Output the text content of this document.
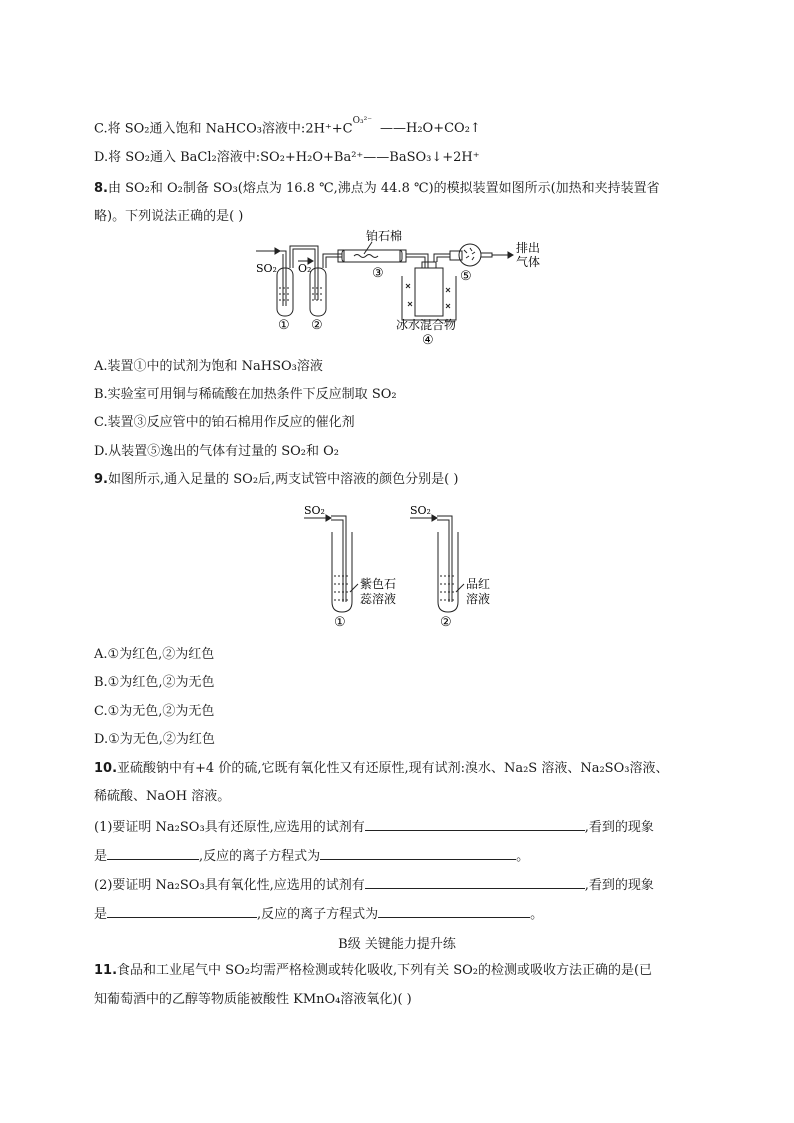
C.将 SO₂通入饱和 NaHCO₃溶液中$:2H^++C^{O_3^{2-}}——H_2O+CO_2↑$
D.将 SO₂通入 BaCl₂溶液中:SO₂+H₂O+Ba²⁺——BaSO₃↓+2H⁺
8.由 SO₂和 O₂制备 SO₃(熔点为 16.8 ℃,沸点为 44.8 ℃)的模拟装置如图所示(加热和夹持装置省
略)。下列说法正确的是( )
SO₂ O₂
铂石棉
排出
气体
冰水混合物
① ②
③
④
⑤
A.装置①中的试剂为饱和 NaHSO₃溶液
B.实验室可用铜与稀硫酸在加热条件下反应制取 SO₂
C.装置③反应管中的铂石棉用作反应的催化剂
D.从装置⑤逸出的气体有过量的 SO₂和 O₂
9.如图所示,通入足量的 SO₂后,两支试管中溶液的颜色分别是( )
SO₂	SO₂
紫色石
蕊溶液
品红
溶液
①	②
A.①为红色,②为红色
B.①为红色,②为无色
C.①为无色,②为无色
D.①为无色,②为红色
10.亚硫酸钠中有+4 价的硫,它既有氧化性又有还原性,现有试剂:溴水、Na₂S 溶液、Na₂SO₃溶液、
稀硫酸、NaOH 溶液。
(1)要证明 Na₂SO₃具有还原性,应选用的试剂有	,看到的现象
是	,反应的离子方程式为	。
(2)要证明 Na₂SO₃具有氧化性,应选用的试剂有	,看到的现象
是	,反应的离子方程式为	。
B级 关键能力提升练
11.食品和工业尾气中 SO₂均需严格检测或转化吸收,下列有关 SO₂的检测或吸收方法正确的是(已
知葡萄酒中的乙醇等物质能被酸性 KMnO₄溶液氧化)( )
